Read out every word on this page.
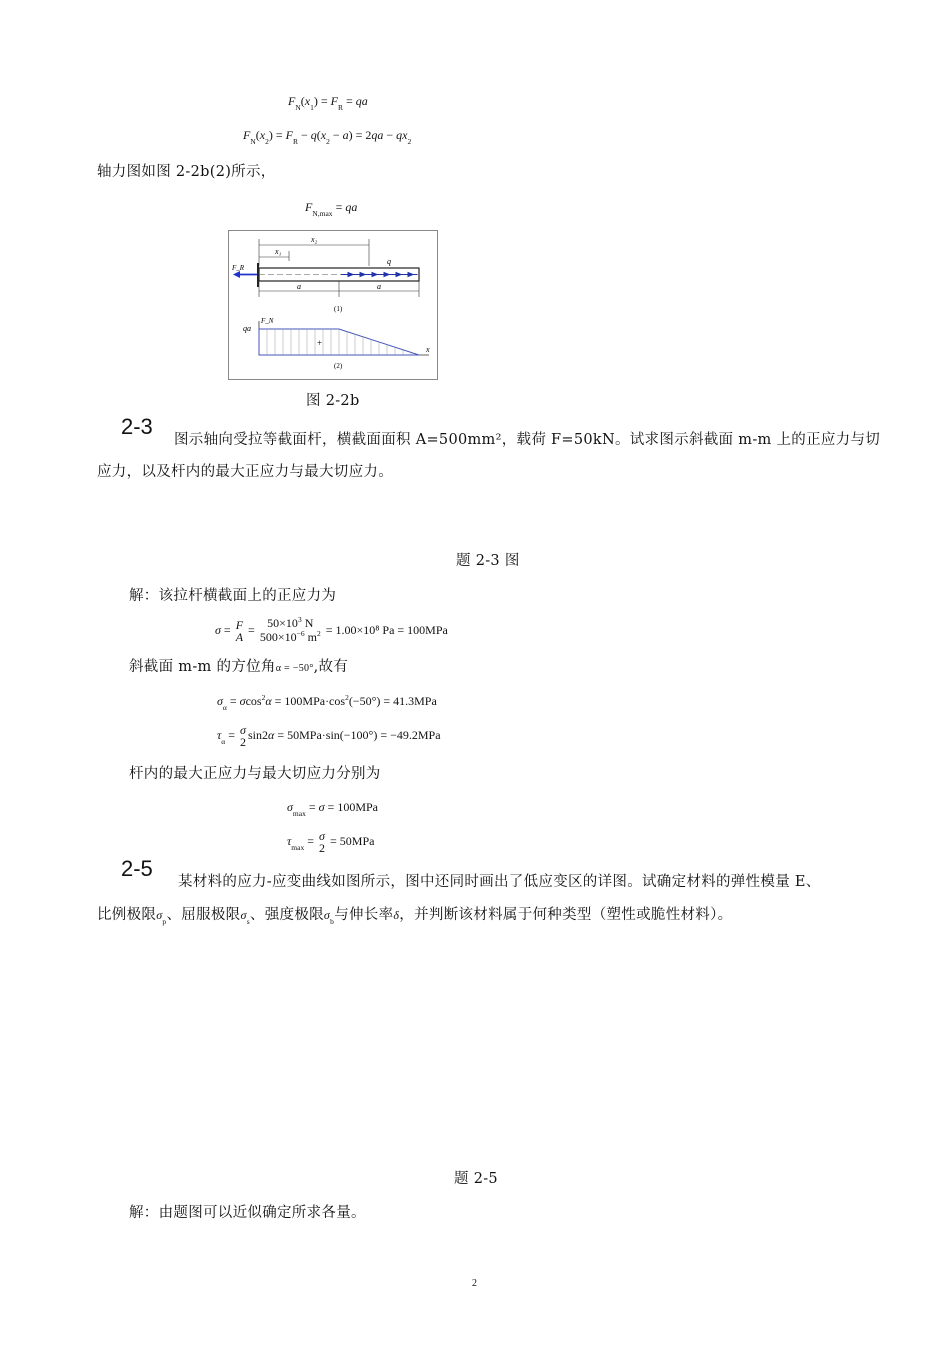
$F_N(x_1) = F_R$ = qa
$F_N(x_2) = F_R - q(x_2 - a) = 2qa - qx_2$
轴力图如图 2-2b(2)所示，
$F_{N,max}$ = qa
x₁
x₂
q
F_R
a	a
(1)
F_N
qa
+
x
(2)
图 2-2b
2-3
图示轴向受拉等截面杆，横截面面积 A=500mm²，载荷 F=50kN。试求图示斜截面 m-m 上的正应力与切
应力，以及杆内的最大正应力与最大切应力。
题 2-3 图
解：该拉杆横截面上的正应力为
σ = F
A
= $50\times 10^3$ N
$500\times 10^{-6}$ $m^2 = 1.00\times 10^8$ Pa = 100MPa
斜截面 m-m 的方位角α = −50°,故有
$\sigma_\alpha = \sigma\cos^2\alpha = 100MPa\cdot\cos^2(-50^\circ) = 41.3MPa$
$\tau_\alpha = \sigma$
2
sin2α = 50MPa·sin(−100°) = −49.2MPa
杆内的最大正应力与最大切应力分别为
$\sigma_{max} = \sigma = 100MPa$
$\tau_{max} = \sigma$
2
= 50MPa
2-5
某材料的应力-应变曲线如图所示，图中还同时画出了低应变区的详图。试确定材料的弹性模量 E、
比例极限$\sigma_p$、屈服极限$\sigma_s$、强度极限$\sigma_b$与伸长率δ，并判断该材料属于何种类型（塑性或脆性材料）。
题 2-5
解：由题图可以近似确定所求各量。
2
